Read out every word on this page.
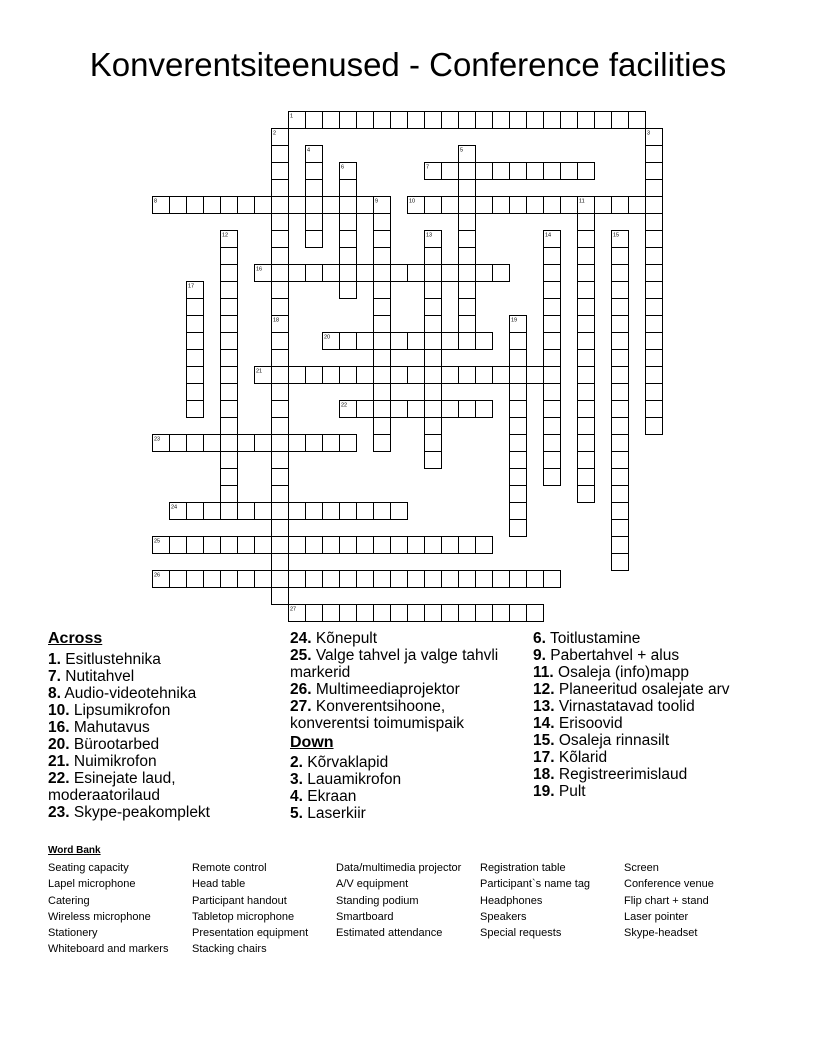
Konverentsiteenused - Conference facilities
1
2	3
4	5
6	7
8	9	10	11
12	13	14	15
16
17
18	19
20
21
22
23
24
25
26
27
Across
1. Esitlustehnika
7. Nutitahvel
8. Audio-videotehnika
10. Lipsumikrofon
16. Mahutavus
20. Bürootarbed
21. Nuimikrofon
22. Esinejate laud, moderaatorilaud
23. Skype-peakomplekt
24. Kõnepult
25. Valge tahvel ja valge tahvli markerid
26. Multimeediaprojektor
27. Konverentsihoone, konverentsi toimumispaik
Down
2. Kõrvaklapid
3. Lauamikrofon
4. Ekraan
5. Laserkiir
6. Toitlustamine
9. Pabertahvel + alus
11. Osaleja (info)mapp
12. Planeeritud osalejate arv
13. Virnastatavad toolid
14. Erisoovid
15. Osaleja rinnasilt
17. Kõlarid
18. Registreerimislaud
19. Pult
Word Bank
Seating capacity
Lapel microphone
Catering
Wireless microphone
Stationery
Whiteboard and markers
Remote control
Head table
Participant handout
Tabletop microphone
Presentation equipment
Stacking chairs
Data/multimedia projector
A/V equipment
Standing podium
Smartboard
Estimated attendance
Registration table
Participant`s name tag
Headphones
Speakers
Special requests
Screen
Conference venue
Flip chart + stand
Laser pointer
Skype-headset
